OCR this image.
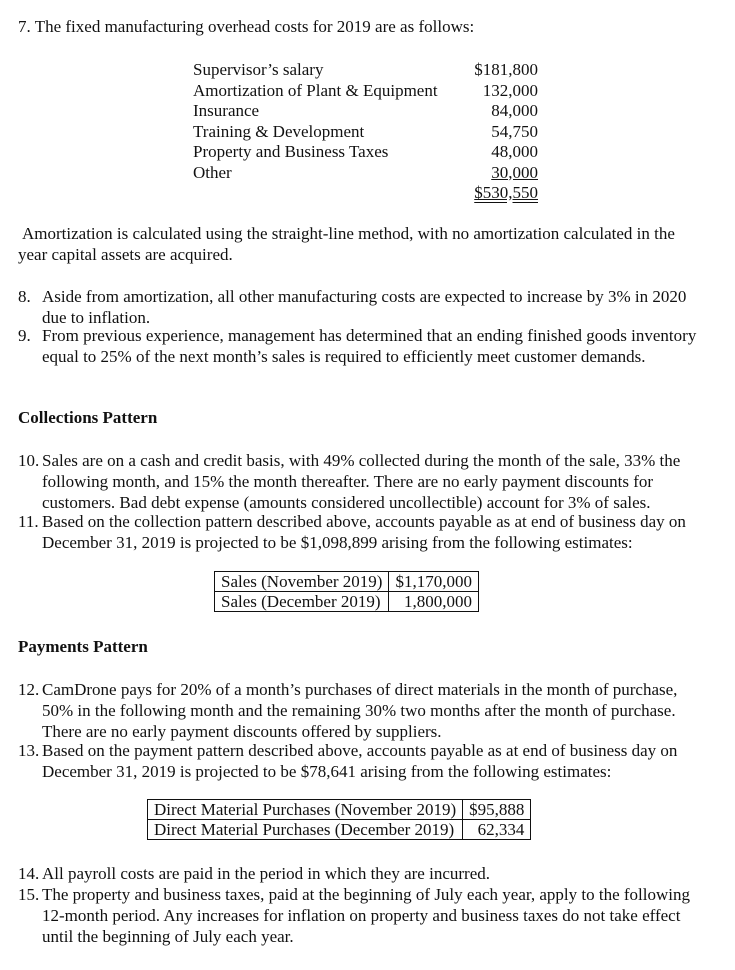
7. The fixed manufacturing overhead costs for 2019 are as follows:
Supervisor’s salary	$181,800
Amortization of Plant & Equipment	132,000
Insurance	84,000
Training & Development	54,750
Property and Business Taxes	48,000
Other	30,000
$530,550
Amortization is calculated using the straight-line method, with no amortization calculated in the year capital assets are acquired.
8. Aside from amortization, all other manufacturing costs are expected to increase by 3% in 2020 due to inflation.
9. From previous experience, management has determined that an ending finished goods inventory equal to 25% of the next month’s sales is required to efficiently meet customer demands.
Collections Pattern
10. Sales are on a cash and credit basis, with 49% collected during the month of the sale, 33% the following month, and 15% the month thereafter. There are no early payment discounts for customers. Bad debt expense (amounts considered uncollectible) account for 3% of sales.
11. Based on the collection pattern described above, accounts payable as at end of business day on December 31, 2019 is projected to be $1,098,899 arising from the following estimates:
Sales (November 2019)	$1,170,000
Sales (December 2019)	1,800,000
Payments Pattern
12. CamDrone pays for 20% of a month’s purchases of direct materials in the month of purchase, 50% in the following month and the remaining 30% two months after the month of purchase. There are no early payment discounts offered by suppliers.
13. Based on the payment pattern described above, accounts payable as at end of business day on December 31, 2019 is projected to be $78,641 arising from the following estimates:
Direct Material Purchases (November 2019)	$95,888
Direct Material Purchases (December 2019)	62,334
14. All payroll costs are paid in the period in which they are incurred.
15. The property and business taxes, paid at the beginning of July each year, apply to the following 12-month period. Any increases for inflation on property and business taxes do not take effect until the beginning of July each year.
